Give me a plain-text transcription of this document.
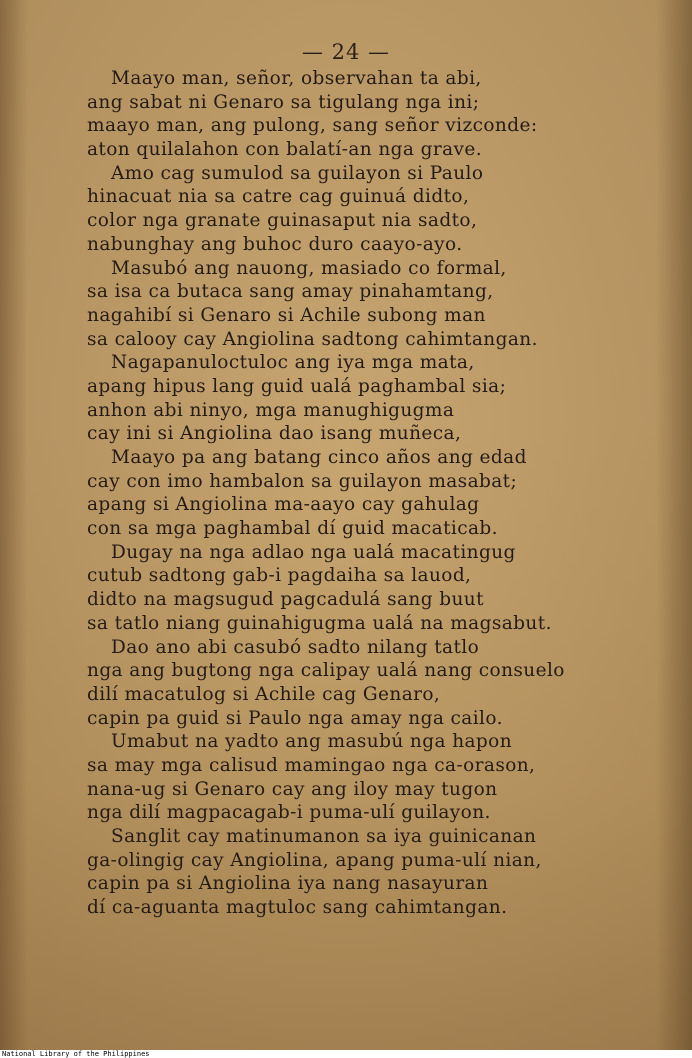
— 24 —
Maayo man, señor, observahan ta abi,
ang sabat ni Genaro sa tigulang nga ini;
maayo man, ang pulong, sang señor vizconde:
aton quilalahon con balatí-an nga grave.
Amo cag sumulod sa guilayon si Paulo
hinacuat nia sa catre cag guinuá didto,
color nga granate guinasaput nia sadto,
nabunghay ang buhoc duro caayo-ayo.
Masubó ang nauong, masiado co formal,
sa isa ca butaca sang amay pinahamtang,
nagahibí si Genaro si Achile subong man
sa calooy cay Angiolina sadtong cahimtangan.
Nagapanuloctuloc ang iya mga mata,
apang hipus lang guid ualá paghambal sia;
anhon abi ninyo, mga manughigugma
cay ini si Angiolina dao isang muñeca,
Maayo pa ang batang cinco años ang edad
cay con imo hambalon sa guilayon masabat;
apang si Angiolina ma-aayo cay gahulag
con sa mga paghambal dí guid macaticab.
Dugay na nga adlao nga ualá macatingug
cutub sadtong gab-i pagdaiha sa lauod,
didto na magsugud pagcadulá sang buut
sa tatlo niang guinahigugma ualá na magsabut.
Dao ano abi casubó sadto nilang tatlo
nga ang bugtong nga calipay ualá nang consuelo
dilí macatulog si Achile cag Genaro,
capin pa guid si Paulo nga amay nga cailo.
Umabut na yadto ang masubú nga hapon
sa may mga calisud mamingao nga ca-orason,
nana-ug si Genaro cay ang iloy may tugon
nga dilí magpacagab-i puma-ulí guilayon.
Sanglit cay matinumanon sa iya guinicanan
ga-olingig cay Angiolina, apang puma-ulí nian,
capin pa si Angiolina iya nang nasayuran
dí ca-aguanta magtuloc sang cahimtangan.
National Library of the Philippines
